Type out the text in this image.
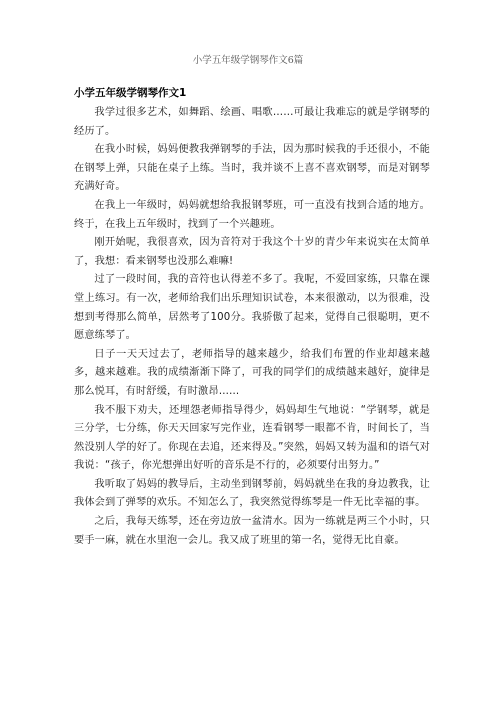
小学五年级学钢琴作文6篇
小学五年级学钢琴作文1

我学过很多艺术，如舞蹈、绘画、唱歌……可最让我难忘的就是学钢琴的经历了。

在我小时候，妈妈便教我弹钢琴的手法，因为那时候我的手还很小，不能在钢琴上弹，只能在桌子上练。当时，我并谈不上喜不喜欢钢琴，而是对钢琴充满好奇。

在我上一年级时，妈妈就想给我报钢琴班，可一直没有找到合适的地方。终于，在我上五年级时，找到了一个兴趣班。

刚开始呢，我很喜欢，因为音符对于我这个十岁的青少年来说实在太简单了，我想：看来钢琴也没那么难嘛!

过了一段时间，我的音符也认得差不多了。我呢，不爱回家练，只靠在课堂上练习。有一次，老师给我们出乐理知识试卷，本来很激动，以为很难，没想到考得那么简单，居然考了100分。我骄傲了起来，觉得自己很聪明，更不愿意练琴了。

日子一天天过去了，老师指导的越来越少，给我们布置的作业却越来越多，越来越难。我的成绩渐渐下降了，可我的同学们的成绩越来越好，旋律是那么悦耳，有时舒缓，有时激昂……

我不服下劝夫，还埋怨老师指导得少，妈妈却生气地说：“学钢琴，就是三分学，七分练，你天天回家写完作业，连看钢琴一眼都不肯，时间长了，当然没别人学的好了。你现在去追，还来得及。”突然，妈妈又转为温和的语气对我说：“孩子，你光想弹出好听的音乐是不行的，必须要付出努力。”

我听取了妈妈的教导后，主动坐到钢琴前，妈妈就坐在我的身边教我，让我体会到了弹琴的欢乐。不知怎么了，我突然觉得练琴是一件无比幸福的事。

之后，我每天练琴，还在旁边放一盆清水。因为一练就是两三个小时，只要手一麻，就在水里泡一会儿。我又成了班里的第一名，觉得无比自豪。
